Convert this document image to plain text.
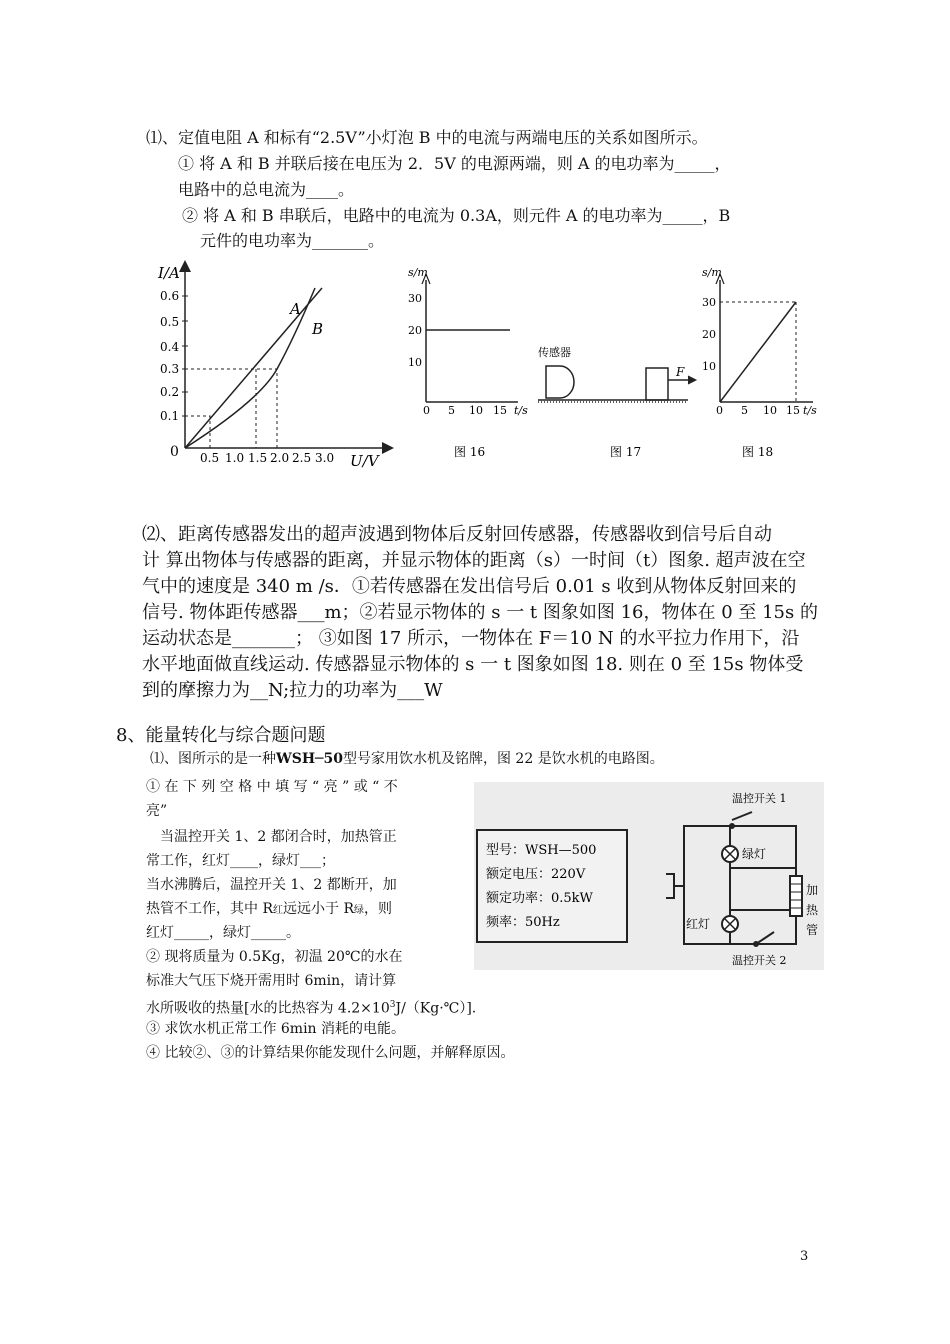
⑴、定值电阻 A 和标有“2.5V”小灯泡 B 中的电流与两端电压的关系如图所示。
① 将 A 和 B 并联后接在电压为 2．5V 的电源两端，则 A 的电功率为_____，
电路中的总电流为____。
② 将 A 和 B 串联后，电路中的电流为 0.3A，则元件 A 的电功率为_____，B
元件的电功率为_______。
I/A
U/V
0
0.6
0.5
0.4
0.3
0.2
0.1
0.5 1.0 1.5 2.0 2.5 3.0
A
B
s/m
t/s
30
20
10
0 5 10 15
图 16
传感器
F
图 17
s/m
t/s
30
20
10
0 5 10 15
图 18
⑵、距离传感器发出的超声波遇到物体后反射回传感器，传感器收到信号后自动
计 算出物体与传感器的距离，并显示物体的距离（s）一时间（t）图象. 超声波在空
气中的速度是 340 m /s．①若传感器在发出信号后 0.01 s 收到从物体反射回来的
信号. 物体距传感器___m；②若显示物体的 s 一 t 图象如图 16，物体在 0 至 15s 的
运动状态是_______； ③如图 17 所示，一物体在 F＝10 N 的水平拉力作用下，沿
水平地面做直线运动. 传感器显示物体的 s 一 t 图象如图 18. 则在 0 至 15s 物体受
到的摩擦力为__N;拉力的功率为___W
8、能量转化与综合题问题
⑴、图所示的是一种WSH─50型号家用饮水机及铭牌，图 22 是饮水机的电路图。
① 在 下 列 空 格 中 填 写 “ 亮 ” 或 “ 不
亮”
当温控开关 1、2 都闭合时，加热管正
常工作，红灯____，绿灯___；
当水沸腾后，温控开关 1、2 都断开，加
热管不工作，其中 R红远远小于 R绿，则
红灯_____，绿灯_____。
② 现将质量为 0.5Kg，初温 20℃的水在
标准大气压下烧开需用时 6min，请计算
水所吸收的热量[水的比热容为 $4.2\times 10^3J/(Kg\cdot℃)$].
③ 求饮水机正常工作 6min 消耗的电能。
④ 比较②、③的计算结果你能发现什么问题，并解释原因。
型号：WSH—500
额定电压：220V
额定功率：0.5kW
频率：50Hz
温控开关 1
绿灯
红灯
加
热
管
温控开关 2
3
